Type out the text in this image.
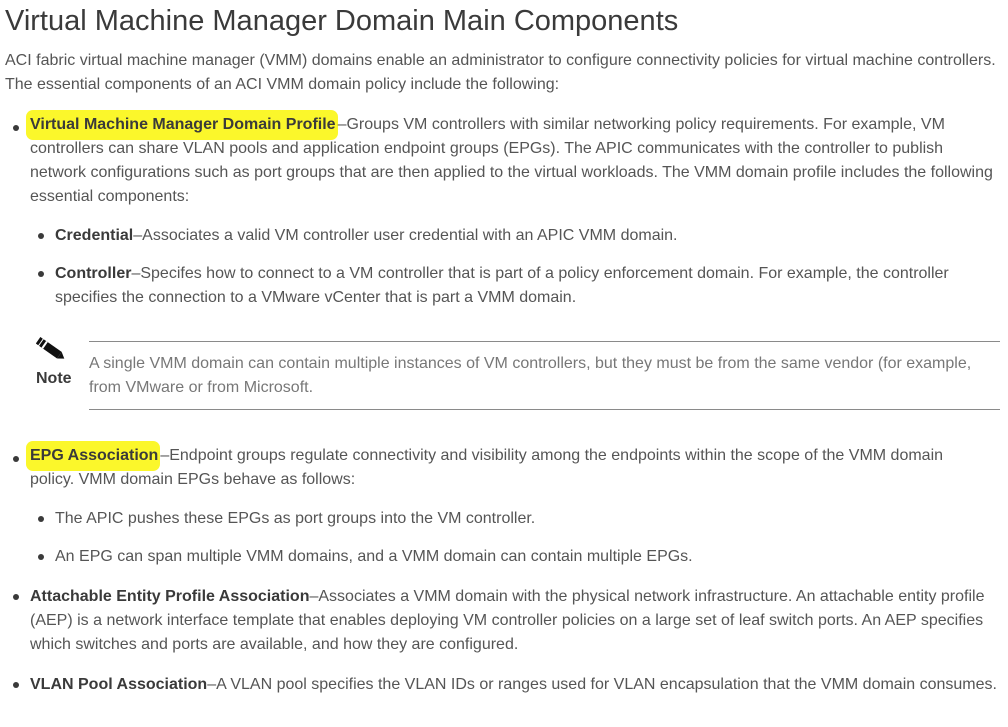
Virtual Machine Manager Domain Main Components

ACI fabric virtual machine manager (VMM) domains enable an administrator to configure connectivity policies for virtual machine controllers. The essential components of an ACI VMM domain policy include the following:

Virtual Machine Manager Domain Profile –Groups VM controllers with similar networking policy requirements. For example, VM controllers can share VLAN pools and application endpoint groups (EPGs). The APIC communicates with the controller to publish network configurations such as port groups that are then applied to the virtual workloads. The VMM domain profile includes the following essential components:

Credential–Associates a valid VM controller user credential with an APIC VMM domain.

Controller–Specifes how to connect to a VM controller that is part of a policy enforcement domain. For example, the controller specifies the connection to a VMware vCenter that is part a VMM domain.

Note
A single VMM domain can contain multiple instances of VM controllers, but they must be from the same vendor (for example, from VMware or from Microsoft.

EPG Association –Endpoint groups regulate connectivity and visibility among the endpoints within the scope of the VMM domain policy. VMM domain EPGs behave as follows:

The APIC pushes these EPGs as port groups into the VM controller.

An EPG can span multiple VMM domains, and a VMM domain can contain multiple EPGs.

Attachable Entity Profile Association–Associates a VMM domain with the physical network infrastructure. An attachable entity profile (AEP) is a network interface template that enables deploying VM controller policies on a large set of leaf switch ports. An AEP specifies which switches and ports are available, and how they are configured.

VLAN Pool Association–A VLAN pool specifies the VLAN IDs or ranges used for VLAN encapsulation that the VMM domain consumes.
